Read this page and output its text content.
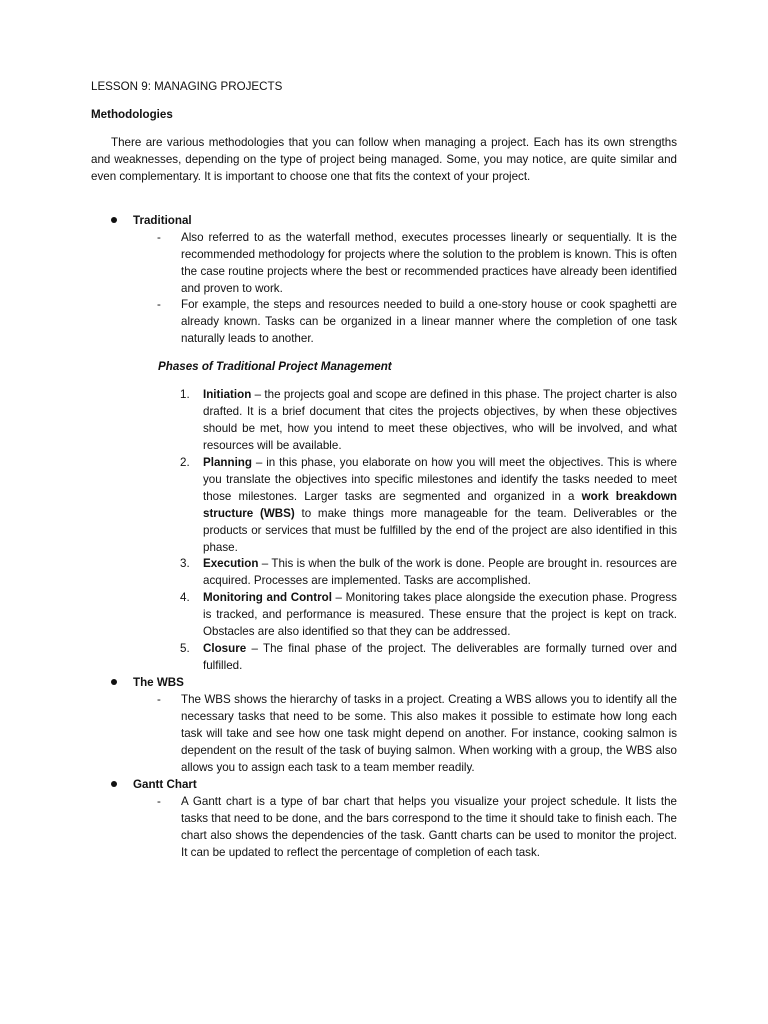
LESSON 9: MANAGING PROJECTS
Methodologies

There are various methodologies that you can follow when managing a project. Each has its own strengths and weaknesses, depending on the type of project being managed. Some, you may notice, are quite similar and even complementary. It is important to choose one that fits the context of your project.

Traditional
- Also referred to as the waterfall method, executes processes linearly or sequentially. It is the recommended methodology for projects where the solution to the problem is known. This is often the case routine projects where the best or recommended practices have already been identified and proven to work.

- For example, the steps and resources needed to build a one-story house or cook spaghetti are already known. Tasks can be organized in a linear manner where the completion of one task naturally leads to another.

Phases of Traditional Project Management
1. Initiation – the projects goal and scope are defined in this phase. The project charter is also drafted. It is a brief document that cites the projects objectives, by when these objectives should be met, how you intend to meet these objectives, who will be involved, and what resources will be available.

2. Planning – in this phase, you elaborate on how you will meet the objectives. This is where you translate the objectives into specific milestones and identify the tasks needed to meet those milestones. Larger tasks are segmented and organized in a work breakdown structure (WBS) to make things more manageable for the team. Deliverables or the products or services that must be fulfilled by the end of the project are also identified in this phase.

3. Execution – This is when the bulk of the work is done. People are brought in. resources are acquired. Processes are implemented. Tasks are accomplished.

4. Monitoring and Control – Monitoring takes place alongside the execution phase. Progress is tracked, and performance is measured. These ensure that the project is kept on track. Obstacles are also identified so that they can be addressed.

5. Closure – The final phase of the project. The deliverables are formally turned over and fulfilled.

The WBS
- The WBS shows the hierarchy of tasks in a project. Creating a WBS allows you to identify all the necessary tasks that need to be some. This also makes it possible to estimate how long each task will take and see how one task might depend on another. For instance, cooking salmon is dependent on the result of the task of buying salmon. When working with a group, the WBS also allows you to assign each task to a team member readily.

Gantt Chart
- A Gantt chart is a type of bar chart that helps you visualize your project schedule. It lists the tasks that need to be done, and the bars correspond to the time it should take to finish each. The chart also shows the dependencies of the task. Gantt charts can be used to monitor the project. It can be updated to reflect the percentage of completion of each task.
